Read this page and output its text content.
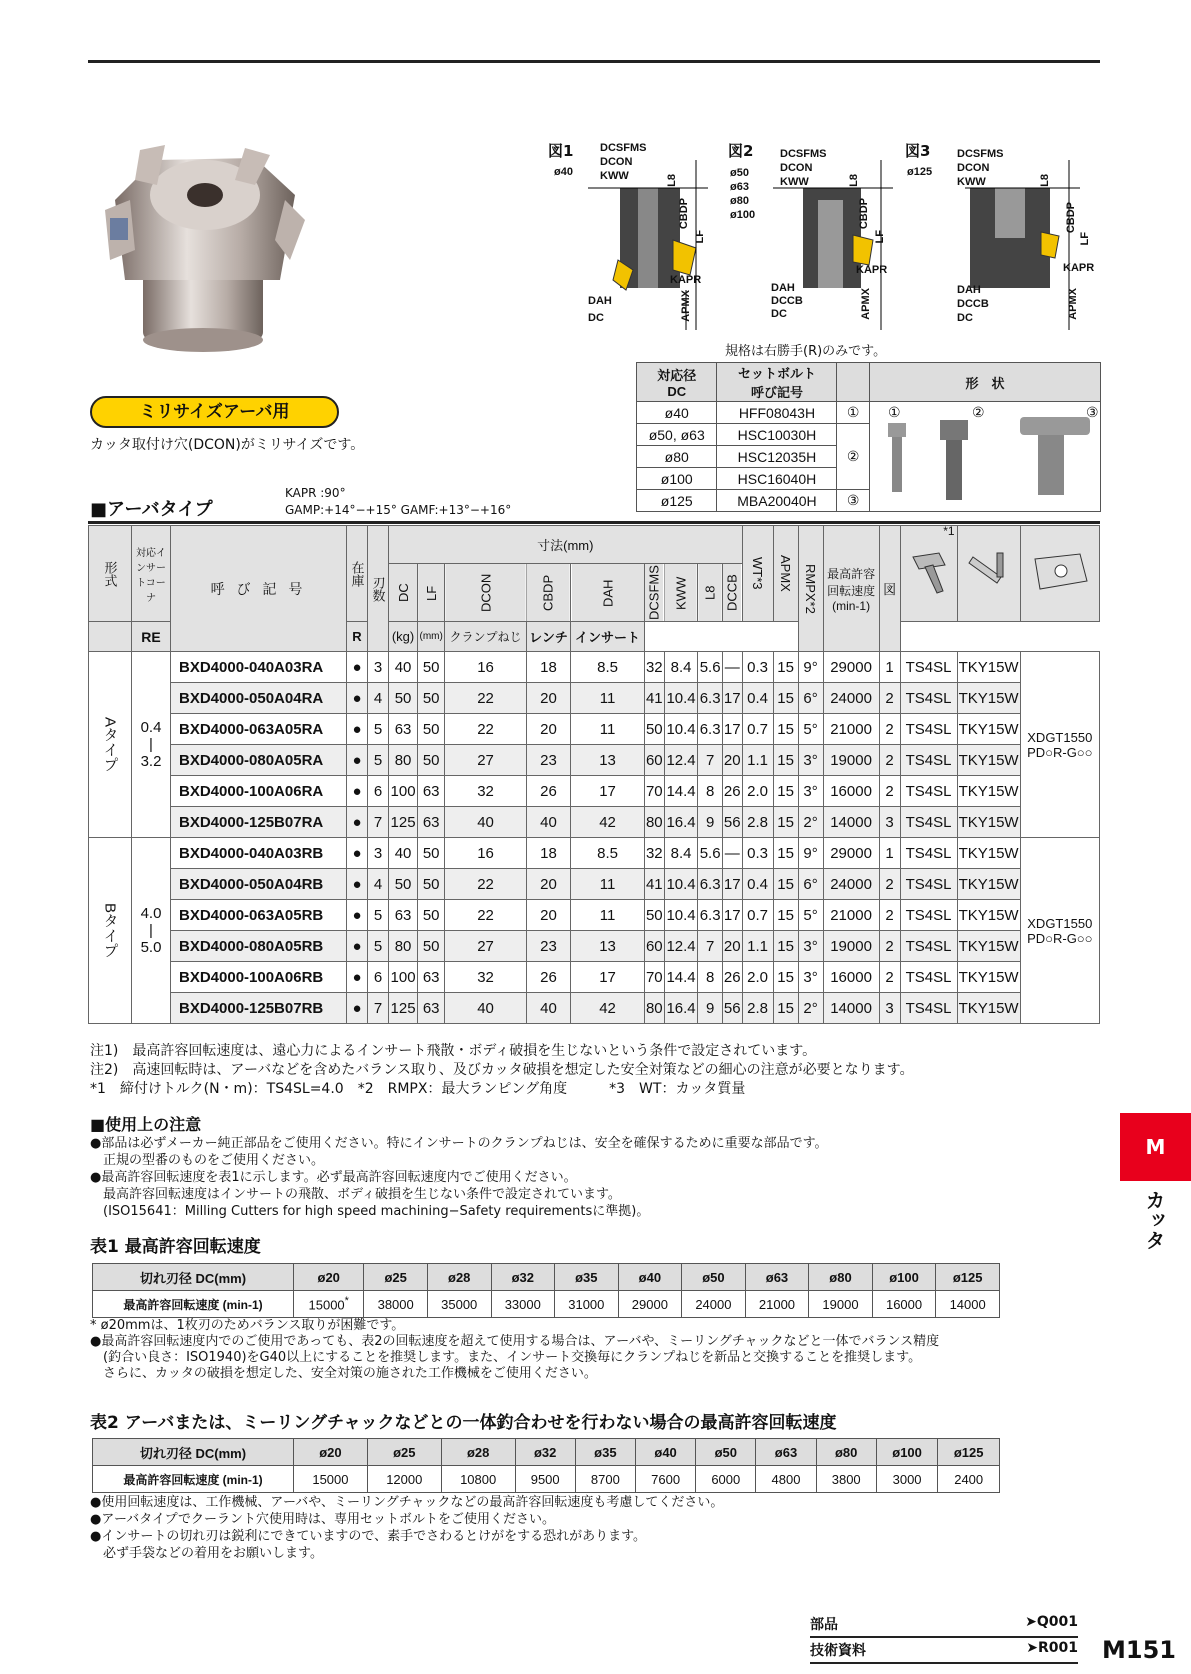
図1
ø40
DCSFMS
DCON
KWW	L8
CBDP
LF
KAPR
DAH
DC	APMX
図2
ø50
ø63
ø80
ø100
DCSFMS
DCON
KWW	L8
CBDP
LF
KAPR
DAH
DCCB
DC	APMX
図3
ø125
DCSFMS
DCON
KWW	L8
CBDP
LF
KAPR
DAH
DCCB
DC	APMX
規格は右勝手(R)のみです。
対応径
DC	セットボルト
呼び記号		形　状
ø40	HFF08043H	①	① ② ③

ø50, ø63	HSC10030H	②	
ø80	HSC12035H		
ø100	HSC16040H		
ø125	MBA20040H	③	
ミリサイズアーバ用
カッタ取付け穴(DCON)がミリサイズです。
■アーバタイプ
KAPR :90°
GAMP:+14°−+15° GAMF:+13°−+16°
形式	対応インサートコーナ	呼 び 記 号	在庫	刃数	寸法(mm)									WT*3	APMX	RMPX*2	最高許容回転速度(min-1)	図	*1

					DC	LF	DCON	CBDP	DAH	DCSFMS	KWW	L8	DCCB								
	RE		R		(kg)	(mm)	クランプねじ	レンチ	インサート												
Aタイプ	0.4
|
3.2	BXD4000-040A03RA	●	3	40	50	16	18	8.5	32	8.4	5.6	—	0.3	15	9°	29000	1	TS4SL	TKY15W	XDGT1550
PD○R-G○○
		BXD4000-050A04RA	●	4	50	50	22	20	11	41	10.4	6.3	17	0.4	15	6°	24000	2	TS4SL	TKY15W	
		BXD4000-063A05RA	●	5	63	50	22	20	11	50	10.4	6.3	17	0.7	15	5°	21000	2	TS4SL	TKY15W	
		BXD4000-080A05RA	●	5	80	50	27	23	13	60	12.4	7	20	1.1	15	3°	19000	2	TS4SL	TKY15W	
		BXD4000-100A06RA	●	6	100	63	32	26	17	70	14.4	8	26	2.0	15	3°	16000	2	TS4SL	TKY15W	
		BXD4000-125B07RA	●	7	125	63	40	40	42	80	16.4	9	56	2.8	15	2°	14000	3	TS4SL	TKY15W	
Bタイプ	4.0
|
5.0	BXD4000-040A03RB	●	3	40	50	16	18	8.5	32	8.4	5.6	—	0.3	15	9°	29000	1	TS4SL	TKY15W	XDGT1550
PD○R-G○○
		BXD4000-050A04RB	●	4	50	50	22	20	11	41	10.4	6.3	17	0.4	15	6°	24000	2	TS4SL	TKY15W	
		BXD4000-063A05RB	●	5	63	50	22	20	11	50	10.4	6.3	17	0.7	15	5°	21000	2	TS4SL	TKY15W	
		BXD4000-080A05RB	●	5	80	50	27	23	13	60	12.4	7	20	1.1	15	3°	19000	2	TS4SL	TKY15W	
		BXD4000-100A06RB	●	6	100	63	32	26	17	70	14.4	8	26	2.0	15	3°	16000	2	TS4SL	TKY15W	
		BXD4000-125B07RB	●	7	125	63	40	40	42	80	16.4	9	56	2.8	15	2°	14000	3	TS4SL	TKY15W	
注1)　最高許容回転速度は、遠心力によるインサート飛散・ボディ破損を生じないという条件で設定されています。
注2)　高速回転時は、アーバなどを含めたバランス取り、及びカッタ破損を想定した安全対策などの細心の注意が必要となります。
*1　締付けトルク(N・m)：TS4SL=4.0　*2　RMPX：最大ランピング角度　　　*3　WT：カッタ質量
■使用上の注意
●部品は必ずメーカー純正部品をご使用ください。特にインサートのクランプねじは、安全を確保するために重要な部品です。
　正規の型番のものをご使用ください。
●最高許容回転速度を表1に示します。必ず最高許容回転速度内でご使用ください。
　最高許容回転速度はインサートの飛散、ボディ破損を生じない条件で設定されています。
　(ISO15641：Milling Cutters for high speed machining−Safety requirementsに準拠)。
表1 最高許容回転速度
切れ刃径 DC(mm)	ø20	ø25	ø28	ø32	ø35	ø40	ø50	ø63	ø80	ø100	ø125
最高許容回転速度 (min-1)	15000*	38000	35000	33000	31000	29000	24000	21000	19000	16000	14000
* ø20mmは、1枚刃のためバランス取りが困難です。
●最高許容回転速度内でのご使用であっても、表2の回転速度を超えて使用する場合は、アーバや、ミーリングチャックなどと一体でバランス精度
　(釣合い良さ：ISO1940)をG40以上にすることを推奨します。また、インサート交換毎にクランプねじを新品と交換することを推奨します。
　さらに、カッタの破損を想定した、安全対策の施された工作機械をご使用ください。
表2 アーバまたは、ミーリングチャックなどとの一体釣合わせを行わない場合の最高許容回転速度
切れ刃径 DC(mm)	ø20	ø25	ø28	ø32	ø35	ø40	ø50	ø63	ø80	ø100	ø125
最高許容回転速度 (min-1)	15000	12000	10800	9500	8700	7600	6000	4800	3800	3000	2400
●使用回転速度は、工作機械、アーバや、ミーリングチャックなどの最高許容回転速度も考慮してください。
●アーバタイプでクーラント穴使用時は、専用セットボルトをご使用ください。
●インサートの切れ刃は鋭利にできていますので、素手でさわるとけがをする恐れがあります。
　必ず手袋などの着用をお願いします。
M
カッタ
部品	➤Q001
技術資料	➤R001 M151
